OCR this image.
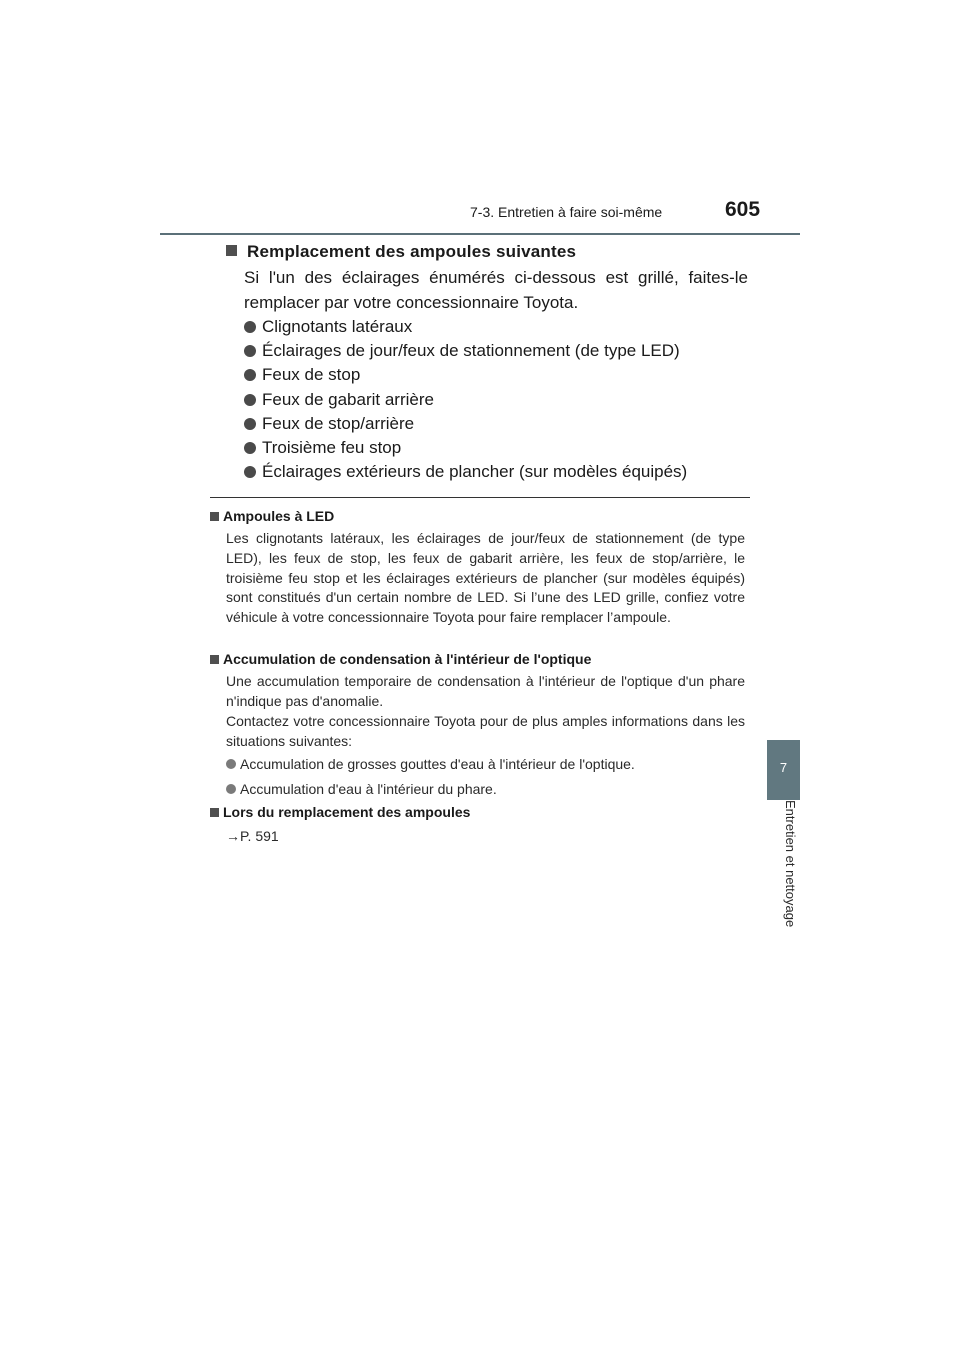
7-3. Entretien à faire soi-même	605
7
Entretien et nettoyage
Remplacement des ampoules suivantes
Si l'un des éclairages énumérés ci-dessous est grillé, faites-le remplacer par votre concessionnaire Toyota.
Clignotants latéraux
Éclairages de jour/feux de stationnement (de type LED)
Feux de stop
Feux de gabarit arrière
Feux de stop/arrière
Troisième feu stop
Éclairages extérieurs de plancher (sur modèles équipés)
Ampoules à LED
Les clignotants latéraux, les éclairages de jour/feux de stationnement (de type LED), les feux de stop, les feux de gabarit arrière, les feux de stop/arrière, le troisième feu stop et les éclairages extérieurs de plancher (sur modèles équipés) sont constitués d'un certain nombre de LED. Si l’une des LED grille, confiez votre véhicule à votre concessionnaire Toyota pour faire remplacer l’ampoule.
Accumulation de condensation à l'intérieur de l'optique
Une accumulation temporaire de condensation à l'intérieur de l'optique d'un phare n'indique pas d'anomalie.
Contactez votre concessionnaire Toyota pour de plus amples informations dans les situations suivantes:
Accumulation de grosses gouttes d'eau à l'intérieur de l'optique.
Accumulation d'eau à l'intérieur du phare.
Lors du remplacement des ampoules
→P. 591
